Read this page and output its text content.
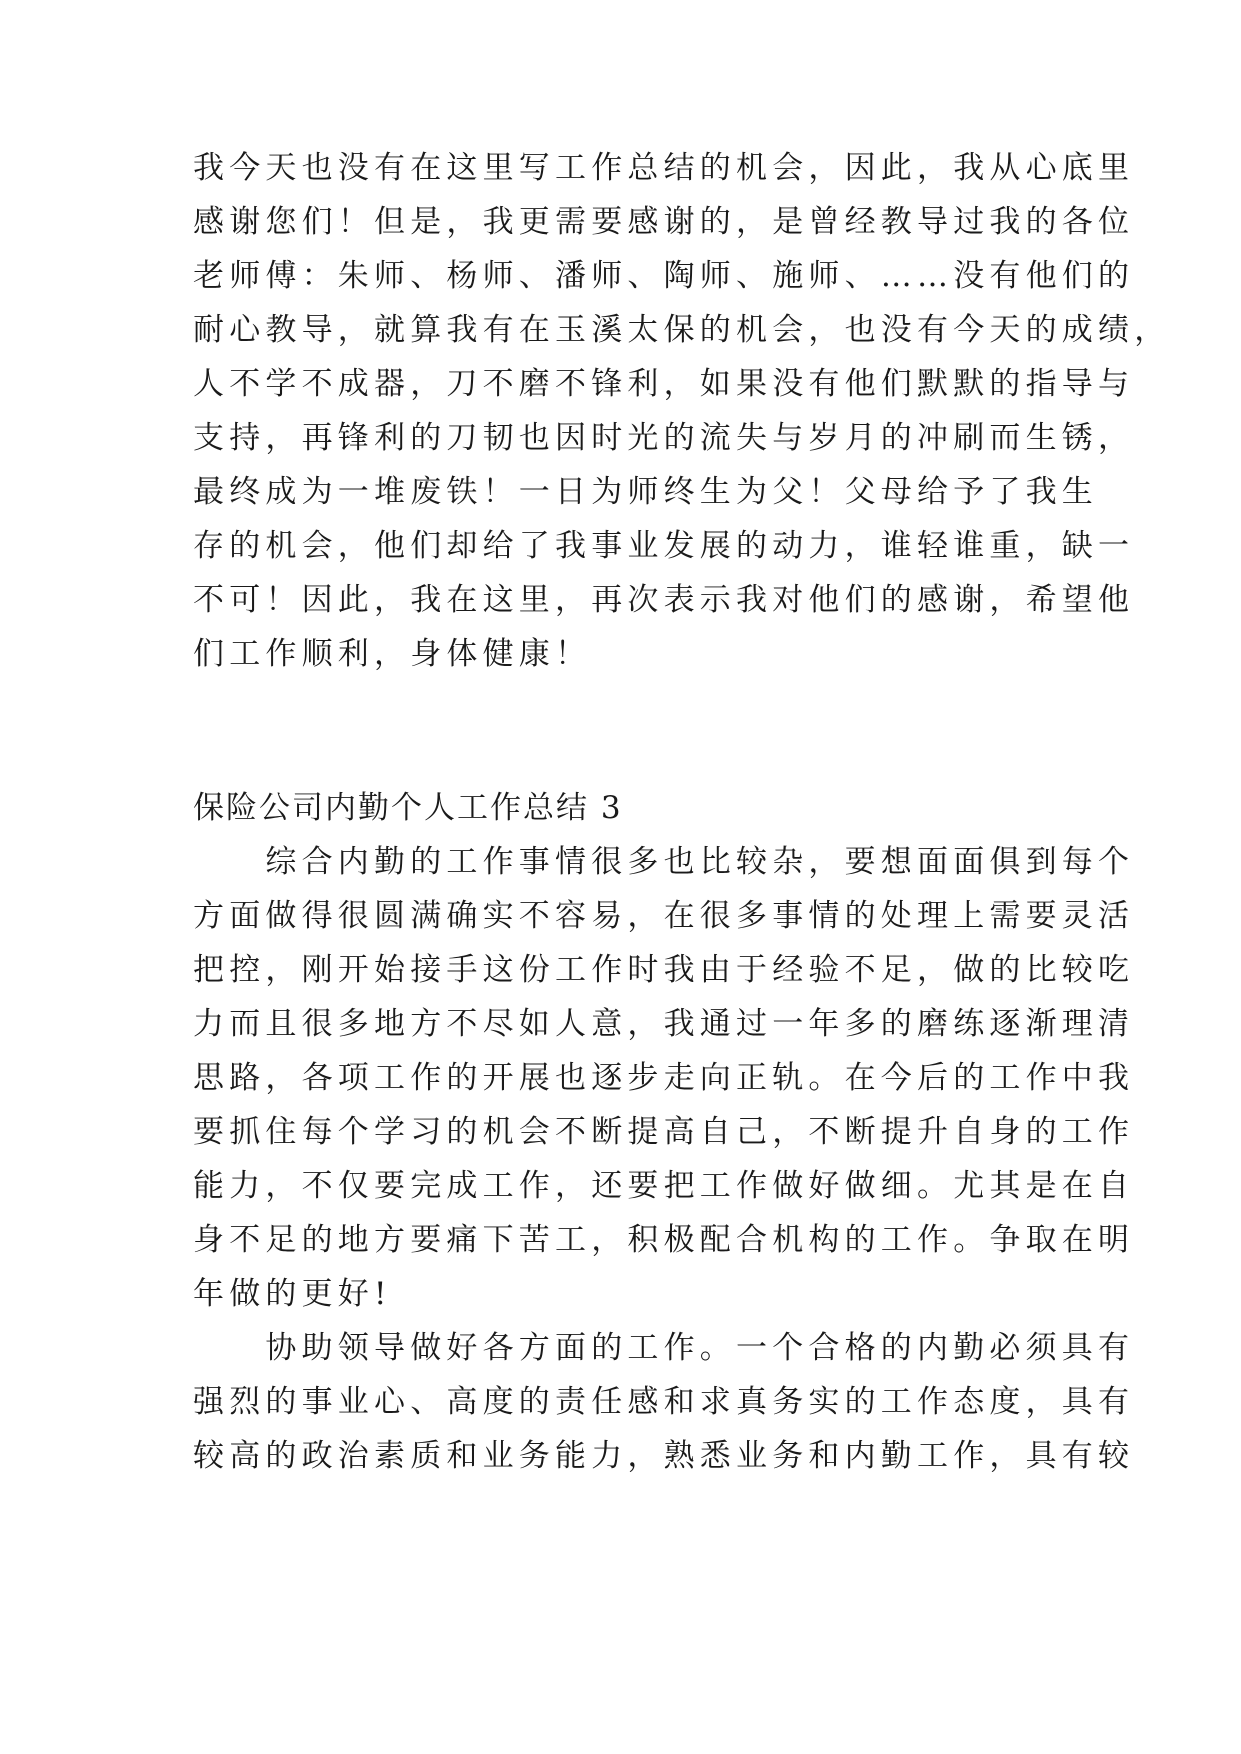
我今天也没有在这里写工作总结的机会，因此，我从心底里
感谢您们！但是，我更需要感谢的，是曾经教导过我的各位
老师傅：朱师、杨师、潘师、陶师、施师、……没有他们的
耐心教导，就算我有在玉溪太保的机会，也没有今天的成绩，
人不学不成器，刀不磨不锋利，如果没有他们默默的指导与
支持，再锋利的刀韧也因时光的流失与岁月的冲刷而生锈，
最终成为一堆废铁！一日为师终生为父！父母给予了我生
存的机会，他们却给了我事业发展的动力，谁轻谁重，缺一
不可！因此，我在这里，再次表示我对他们的感谢，希望他
们工作顺利，身体健康！
保险公司内勤个人工作总结 3
　　综合内勤的工作事情很多也比较杂，要想面面俱到每个
方面做得很圆满确实不容易，在很多事情的处理上需要灵活
把控，刚开始接手这份工作时我由于经验不足，做的比较吃
力而且很多地方不尽如人意，我通过一年多的磨练逐渐理清
思路，各项工作的开展也逐步走向正轨。在今后的工作中我
要抓住每个学习的机会不断提高自己，不断提升自身的工作
能力，不仅要完成工作，还要把工作做好做细。尤其是在自
身不足的地方要痛下苦工，积极配合机构的工作。争取在明
年做的更好!
　　协助领导做好各方面的工作。一个合格的内勤必须具有
强烈的事业心、高度的责任感和求真务实的工作态度，具有
较高的政治素质和业务能力，熟悉业务和内勤工作，具有较
